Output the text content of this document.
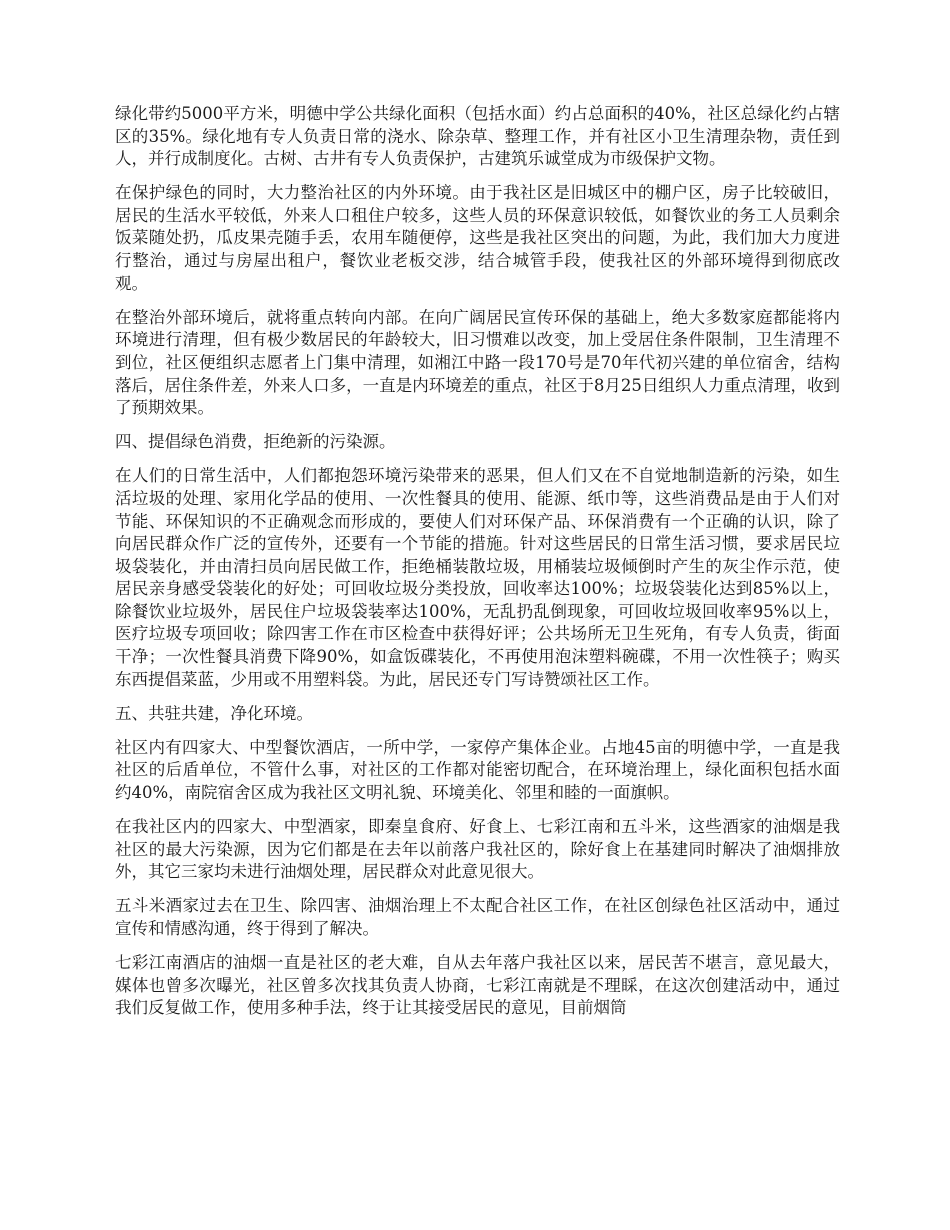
绿化带约5000平方米，明德中学公共绿化面积（包括水面）约占总面积的40%，社区总绿化约占辖区的35%。绿化地有专人负责日常的浇水、除杂草、整理工作，并有社区小卫生清理杂物，责任到人，并行成制度化。古树、古井有专人负责保护，古建筑乐诚堂成为市级保护文物。

在保护绿色的同时，大力整治社区的内外环境。由于我社区是旧城区中的棚户区，房子比较破旧，居民的生活水平较低，外来人口租住户较多，这些人员的环保意识较低，如餐饮业的务工人员剩余饭菜随处扔，瓜皮果壳随手丢，农用车随便停，这些是我社区突出的问题，为此，我们加大力度进行整治，通过与房屋出租户，餐饮业老板交涉，结合城管手段，使我社区的外部环境得到彻底改观。

在整治外部环境后，就将重点转向内部。在向广阔居民宣传环保的基础上，绝大多数家庭都能将内环境进行清理，但有极少数居民的年龄较大，旧习惯难以改变，加上受居住条件限制，卫生清理不到位，社区便组织志愿者上门集中清理，如湘江中路一段170号是70年代初兴建的单位宿舍，结构落后，居住条件差，外来人口多，一直是内环境差的重点，社区于8月25日组织人力重点清理，收到了预期效果。

四、提倡绿色消费，拒绝新的污染源。

在人们的日常生活中，人们都抱怨环境污染带来的恶果，但人们又在不自觉地制造新的污染，如生活垃圾的处理、家用化学品的使用、一次性餐具的使用、能源、纸巾等，这些消费品是由于人们对节能、环保知识的不正确观念而形成的，要使人们对环保产品、环保消费有一个正确的认识，除了向居民群众作广泛的宣传外，还要有一个节能的措施。针对这些居民的日常生活习惯，要求居民垃圾袋装化，并由清扫员向居民做工作，拒绝桶装散垃圾，用桶装垃圾倾倒时产生的灰尘作示范，使居民亲身感受袋装化的好处；可回收垃圾分类投放，回收率达100%；垃圾袋装化达到85%以上，除餐饮业垃圾外，居民住户垃圾袋装率达100%，无乱扔乱倒现象，可回收垃圾回收率95%以上，医疗垃圾专项回收；除四害工作在市区检查中获得好评；公共场所无卫生死角，有专人负责，街面干净；一次性餐具消费下降90%，如盒饭碟装化，不再使用泡沫塑料碗碟，不用一次性筷子；购买东西提倡菜蓝，少用或不用塑料袋。为此，居民还专门写诗赞颂社区工作。

五、共驻共建，净化环境。

社区内有四家大、中型餐饮酒店，一所中学，一家停产集体企业。占地45亩的明德中学，一直是我社区的后盾单位，不管什么事，对社区的工作都对能密切配合，在环境治理上，绿化面积包括水面约40%，南院宿舍区成为我社区文明礼貌、环境美化、邻里和睦的一面旗帜。

在我社区内的四家大、中型酒家，即秦皇食府、好食上、七彩江南和五斗米，这些酒家的油烟是我社区的最大污染源，因为它们都是在去年以前落户我社区的，除好食上在基建同时解决了油烟排放外，其它三家均未进行油烟处理，居民群众对此意见很大。

五斗米酒家过去在卫生、除四害、油烟治理上不太配合社区工作，在社区创绿色社区活动中，通过宣传和情感沟通，终于得到了解决。

七彩江南酒店的油烟一直是社区的老大难，自从去年落户我社区以来，居民苦不堪言，意见最大，媒体也曾多次曝光，社区曾多次找其负责人协商，七彩江南就是不理睬，在这次创建活动中，通过我们反复做工作，使用多种手法，终于让其接受居民的意见，目前烟筒
